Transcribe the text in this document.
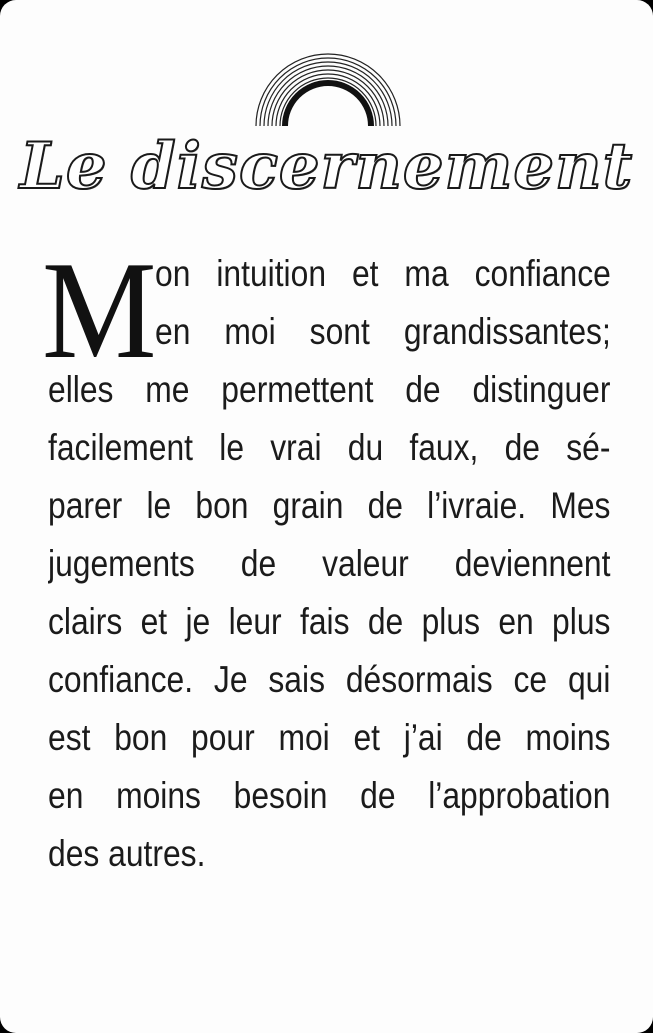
Le discernement
M
on intuition et ma confiance
en moi sont grandissantes;
elles me permettent de distinguer
facilement le vrai du faux, de sé-
parer le bon grain de l’ivraie. Mes
jugements de valeur deviennent
clairs et je leur fais de plus en plus
confiance. Je sais désormais ce qui
est bon pour moi et j’ai de moins
en moins besoin de l’approbation
des autres.
